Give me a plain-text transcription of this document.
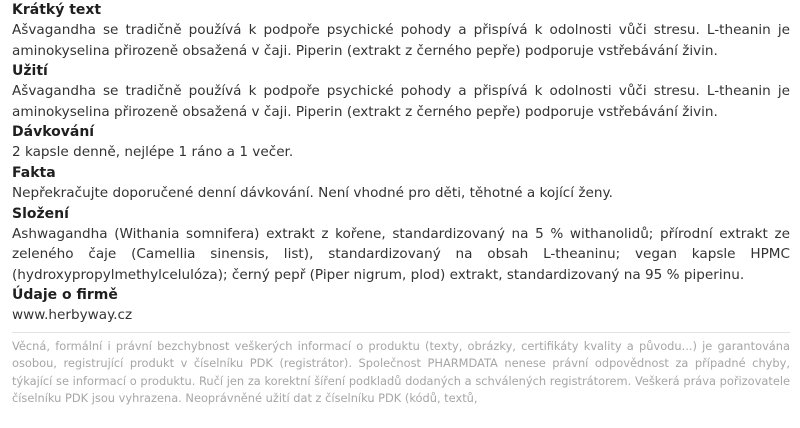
Krátký text

Ašvagandha se tradičně používá k podpoře psychické pohody a přispívá k odolnosti vůči stresu. L-theanin je aminokyselina přirozeně obsažená v čaji. Piperin (extrakt z černého pepře) podporuje vstřebávání živin.

Užití

Ašvagandha se tradičně používá k podpoře psychické pohody a přispívá k odolnosti vůči stresu. L-theanin je aminokyselina přirozeně obsažená v čaji. Piperin (extrakt z černého pepře) podporuje vstřebávání živin.

Dávkování

2 kapsle denně, nejlépe 1 ráno a 1 večer.

Fakta

Nepřekračujte doporučené denní dávkování. Není vhodné pro děti, těhotné a kojící ženy.

Složení

Ashwagandha (Withania somnifera) extrakt z kořene, standardizovaný na 5 % withanolidů; přírodní extrakt ze zeleného čaje (Camellia sinensis, list), standardizovaný na obsah L-theaninu; vegan kapsle HPMC (hydroxypropylmethylcelulóza); černý pepř (Piper nigrum, plod) extrakt, standardizovaný na 95 % piperinu.

Údaje o firmě

www.herbyway.cz

Věcná, formální i právní bezchybnost veškerých informací o produktu (texty, obrázky, certifikáty kvality a původu...) je garantována osobou, registrující produkt v číselníku PDK (registrátor). Společnost PHARMDATA nenese právní odpovědnost za případné chyby, týkající se informací o produktu. Ručí jen za korektní šíření podkladů dodaných a schválených registrátorem. Veškerá práva pořizovatele číselníku PDK jsou vyhrazena. Neoprávněné užití dat z číselníku PDK (kódů, textů,
